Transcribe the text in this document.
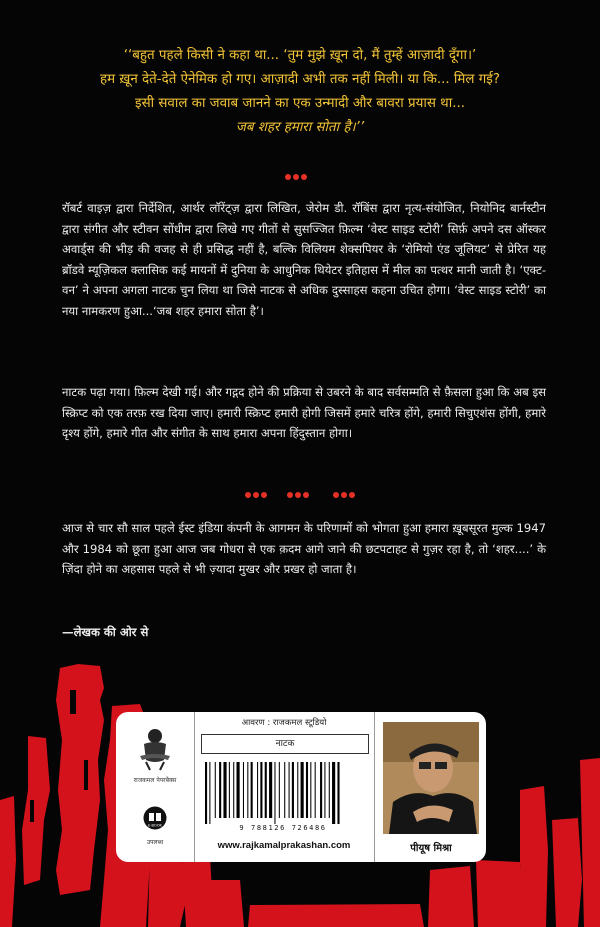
‘‘बहुत पहले किसी ने कहा था... ‘तुम मुझे ख़ून दो, मैं तुम्हें आज़ादी दूँगा।’
हम ख़ून देते-देते ऐनेमिक हो गए। आज़ादी अभी तक नहीं मिली। या कि... मिल गई?
इसी सवाल का जवाब जानने का एक उन्मादी और बावरा प्रयास था...
जब शहर हमारा सोता है।’’
रॉबर्ट वाइज़ द्वारा निर्देशित, आर्थर लॉरेंट्ज़ द्वारा लिखित, जेरोम डी. रॉबिंस द्वारा नृत्य-संयोजित, नियोनिद बार्नस्टीन द्वारा संगीत और स्टीवन सोंधीम द्वारा लिखे गए गीतों से सुसज्जित फ़िल्म ‘वेस्ट साइड स्टोरी’ सिर्फ़ अपने दस ऑस्कर अवार्ड्स की भीड़ की वजह से ही प्रसिद्ध नहीं है, बल्कि विलियम शेक्सपियर के ‘रोमियो एंड जूलियट’ से प्रेरित यह ब्रॉडवे म्यूज़िकल क्लासिक कई मायनों में दुनिया के आधुनिक थियेटर इतिहास में मील का पत्थर मानी जाती है। ‘एक्ट-वन’ ने अपना अगला नाटक चुन लिया था जिसे नाटक से अधिक दुस्साहस कहना उचित होगा। ‘वेस्ट साइड स्टोरी’ का नया नामकरण हुआ...‘जब शहर हमारा सोता है’।
नाटक पढ़ा गया। फ़िल्म देखी गई। और गद्गद होने की प्रक्रिया से उबरने के बाद सर्वसम्मति से फ़ैसला हुआ कि अब इस स्क्रिप्ट को एक तरफ़ रख दिया जाए। हमारी स्क्रिप्ट हमारी होगी जिसमें हमारे चरित्र होंगे, हमारी सिचुएशंस होंगी, हमारे दृश्य होंगे, हमारे गीत और संगीत के साथ हमारा अपना हिंदुस्तान होगा।
आज से चार सौ साल पहले ईस्ट इंडिया कंपनी के आगमन के परिणामों को भोगता हुआ हमारा ख़ूबसूरत मुल्क 1947 और 1984 को छूता हुआ आज जब गोधरा से एक क़दम आगे जाने की छटपटाहट से गुज़र रहा है, तो ‘शहर....’ के ज़िंदा होने का अहसास पहले से भी ज़्यादा मुखर और प्रखर हो जाता है।
—लेखक की ओर से
राजकमल पेपरबैक्स
E-BOOK
उपलब्ध
आवरण : राजकमल स्टूडियो
नाटक
9 788126 726486
www.rajkamalprakashan.com	पीयूष मिश्रा
